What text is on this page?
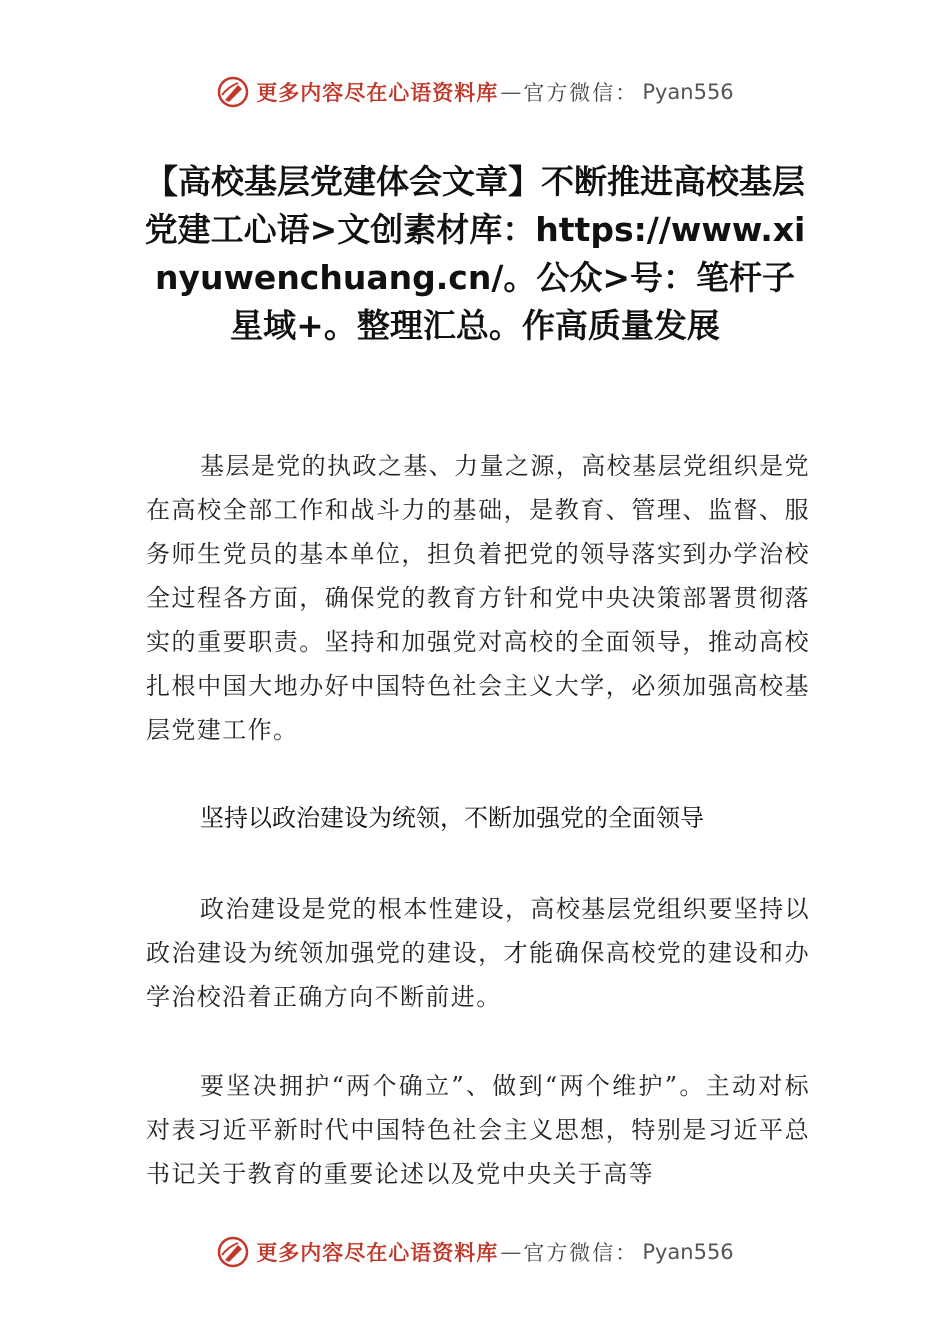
更多内容尽在心语资料库 — 官方微信： Pyan556
【高校基层党建体会文章】不断推进高校基层党建工心语>文创素材库：https://www.xinyuwenchuang.cn/。公众>号：笔杆子星域+。整理汇总。作高质量发展

基层是党的执政之基、力量之源，高校基层党组织是党在高校全部工作和战斗力的基础，是教育、管理、监督、服务师生党员的基本单位，担负着把党的领导落实到办学治校全过程各方面，确保党的教育方针和党中央决策部署贯彻落实的重要职责。坚持和加强党对高校的全面领导，推动高校扎根中国大地办好中国特色社会主义大学，必须加强高校基层党建工作。

坚持以政治建设为统领，不断加强党的全面领导

政治建设是党的根本性建设，高校基层党组织要坚持以政治建设为统领加强党的建设，才能确保高校党的建设和办学治校沿着正确方向不断前进。

要坚决拥护“两个确立”、做到“两个维护”。主动对标对表习近平新时代中国特色社会主义思想，特别是习近平总书记关于教育的重要论述以及党中央关于高等

更多内容尽在心语资料库 — 官方微信： Pyan556
